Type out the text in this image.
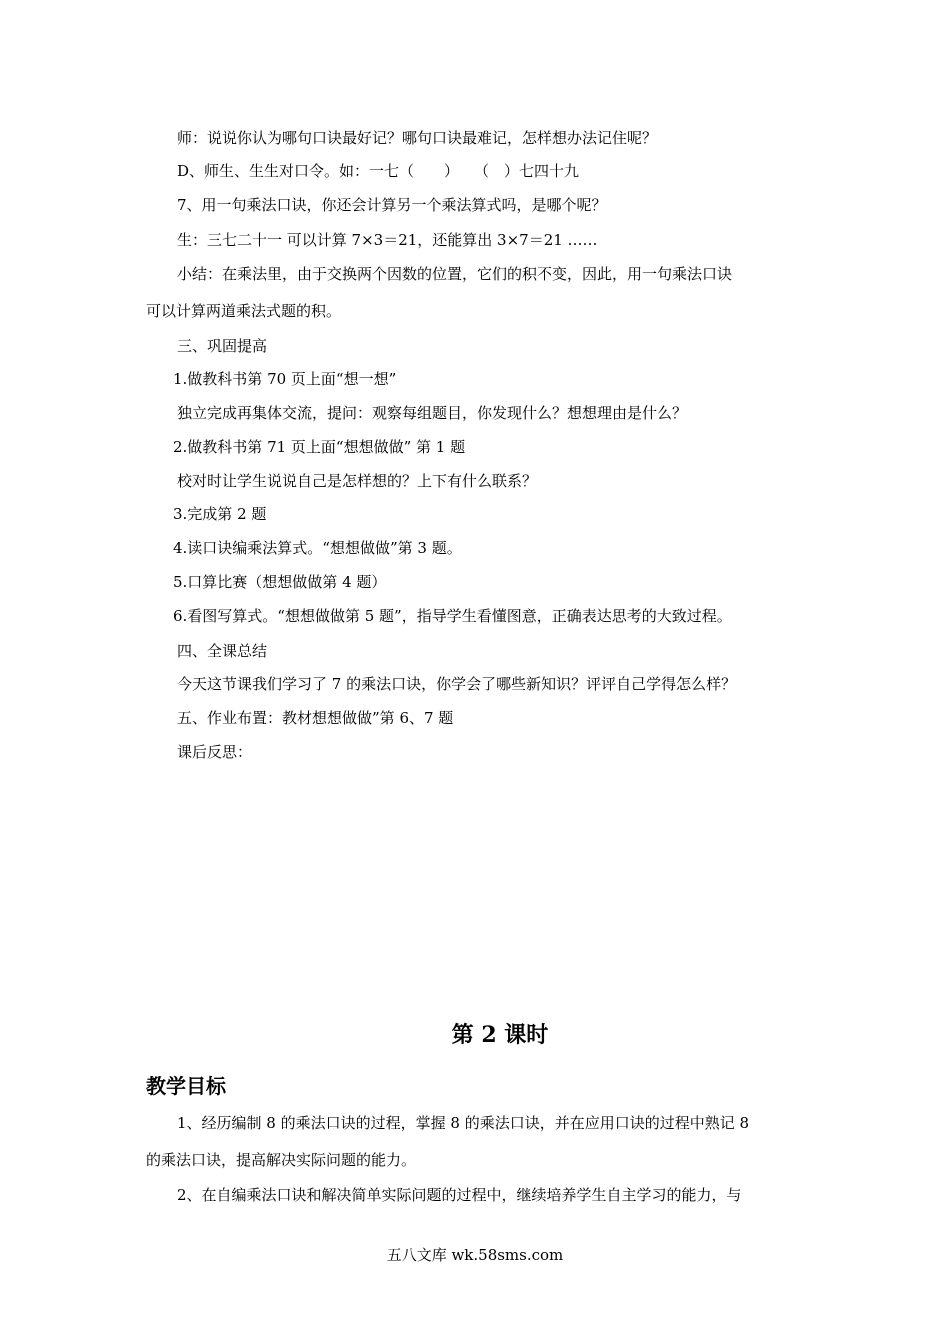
师：说说你认为哪句口诀最好记？哪句口诀最难记，怎样想办法记住呢？
D、师生、生生对口令。如：一七（　　）　　（　）七四十九
7、用一句乘法口诀，你还会计算另一个乘法算式吗，是哪个呢？
生：三七二十一 可以计算 7×3＝21，还能算出 3×7＝21 ……
小结：在乘法里，由于交换两个因数的位置，它们的积不变，因此，用一句乘法口诀
可以计算两道乘法式题的积。
三、巩固提高
1.做教科书第 70 页上面“想一想”
独立完成再集体交流，提问：观察每组题目，你发现什么？想想理由是什么？
2.做教科书第 71 页上面“想想做做” 第 1 题
校对时让学生说说自己是怎样想的？上下有什么联系？
3.完成第 2 题
4.读口诀编乘法算式。“想想做做”第 3 题。
5.口算比赛（想想做做第 4 题）
6.看图写算式。“想想做做第 5 题”，指导学生看懂图意，正确表达思考的大致过程。
四、全课总结
今天这节课我们学习了 7 的乘法口诀，你学会了哪些新知识？评评自己学得怎么样？
五、作业布置：教材想想做做”第 6、7 题
课后反思：
第 2 课时
教学目标
1、经历编制 8 的乘法口诀的过程，掌握 8 的乘法口诀，并在应用口诀的过程中熟记 8
的乘法口诀，提高解决实际问题的能力。
2、在自编乘法口诀和解决简单实际问题的过程中，继续培养学生自主学习的能力，与
五八文库 wk.58sms.com
